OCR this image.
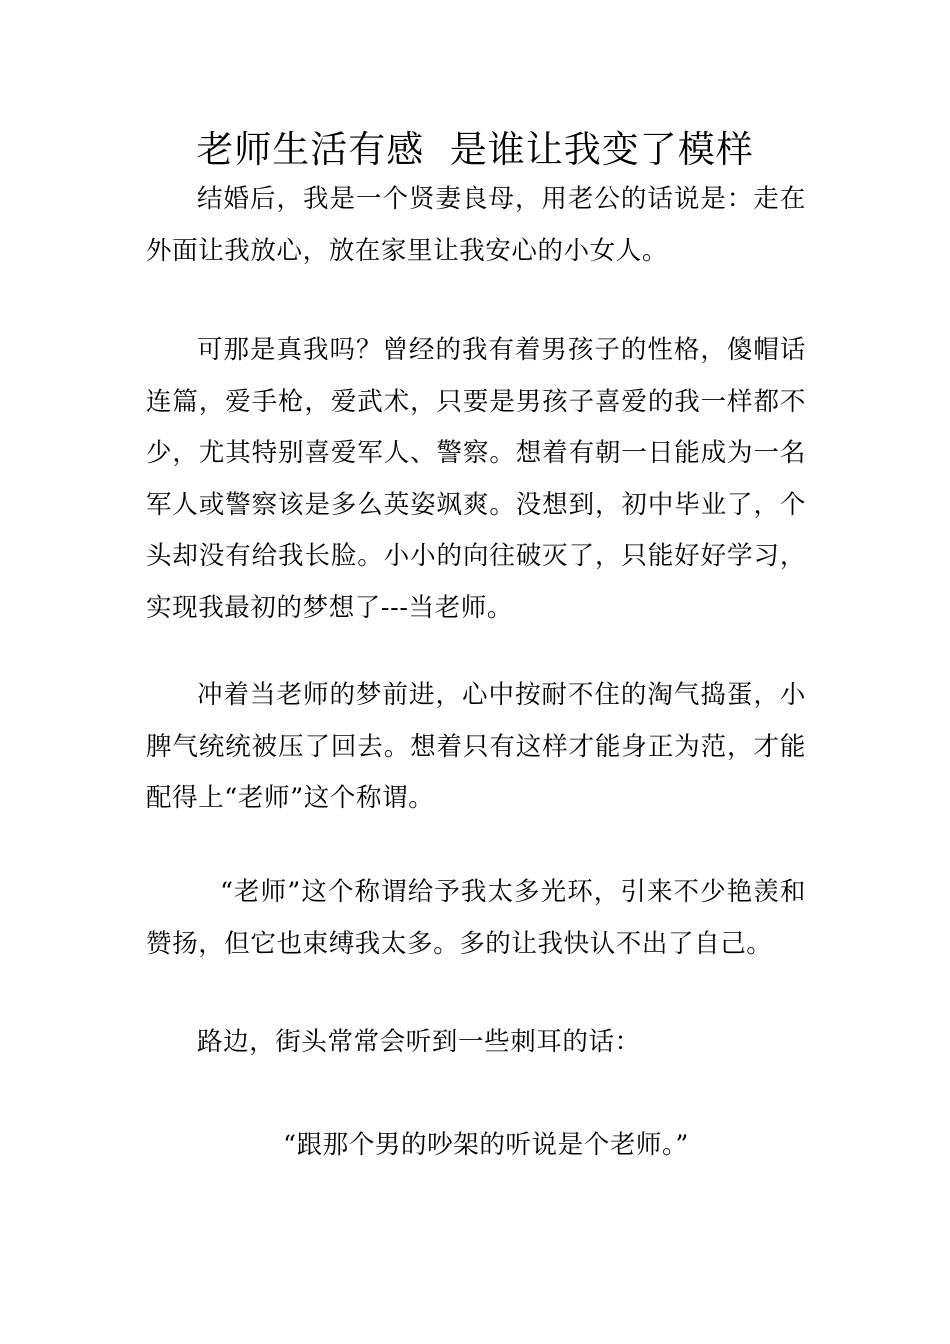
老师生活有感  是谁让我变了模样

结婚后，我是一个贤妻良母，用老公的话说是：走在外面让我放心，放在家里让我安心的小女人。

可那是真我吗？曾经的我有着男孩子的性格，傻帽话连篇，爱手枪，爱武术，只要是男孩子喜爱的我一样都不少，尤其特别喜爱军人、警察。想着有朝一日能成为一名军人或警察该是多么英姿飒爽。没想到，初中毕业了，个头却没有给我长脸。小小的向往破灭了，只能好好学习，实现我最初的梦想了---当老师。

冲着当老师的梦前进，心中按耐不住的淘气捣蛋，小脾气统统被压了回去。想着只有这样才能身正为范，才能配得上“老师”这个称谓。

“老师”这个称谓给予我太多光环，引来不少艳羡和赞扬，但它也束缚我太多。多的让我快认不出了自己。

路边，街头常常会听到一些刺耳的话：

“跟那个男的吵架的听说是个老师。”
